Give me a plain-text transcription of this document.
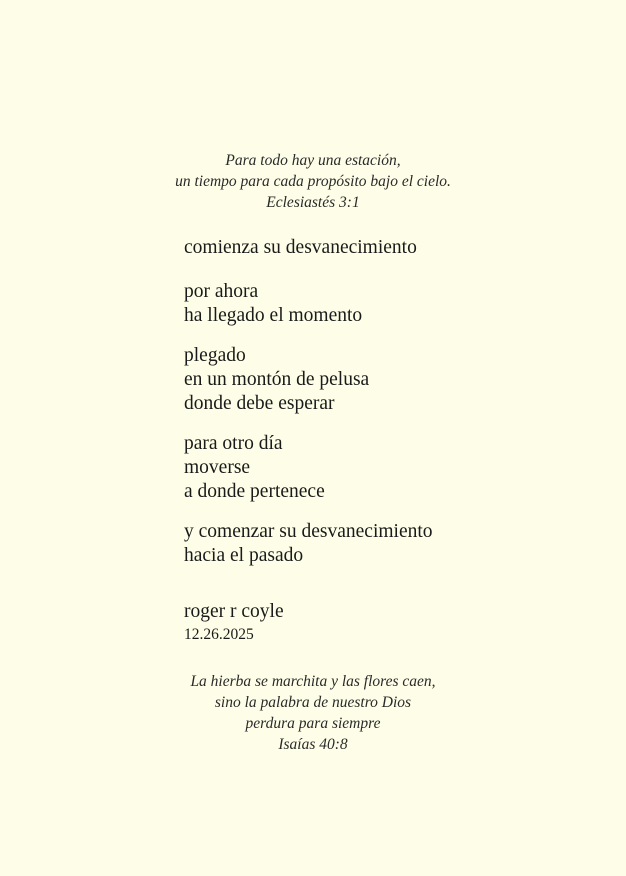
Para todo hay una estación,
un tiempo para cada propósito bajo el cielo.
Eclesiastés 3:1
comienza su desvanecimiento
por ahora
ha llegado el momento
plegado
en un montón de pelusa
donde debe esperar
para otro día
moverse
a donde pertenece
y comenzar su desvanecimiento
hacia el pasado
roger r coyle
12.26.2025
La hierba se marchita y las flores caen,
sino la palabra de nuestro Dios
perdura para siempre
Isaías 40:8
